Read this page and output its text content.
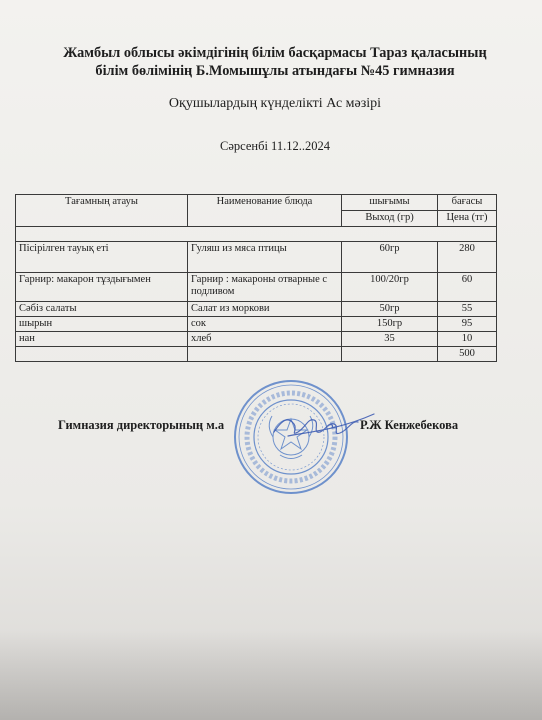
Жамбыл облысы әкімдігінің білім басқармасы Тараз қаласының
білім бөлімінің Б.Момышұлы атындағы №45 гимназия
Оқушылардың күнделікті Ас мәзірі
Сәрсенбі 11.12..2024
Тағамның атауы	Наименование блюда	шығымы	бағасы
		Выход (гр)	Цена (тг)

Пісірілген тауық еті	Гуляш из мяса птицы	60гр	280
Гарнир: макарон тұздығымен	Гарнир : макароны отварные с подливом	100/20гр	60
Сәбіз салаты	Салат из моркови	50гр	55
шырын	сок	150гр	95
нан	хлеб	35	10
			500
Гимназия директорының м.а	Р.Ж Кенжебекова
